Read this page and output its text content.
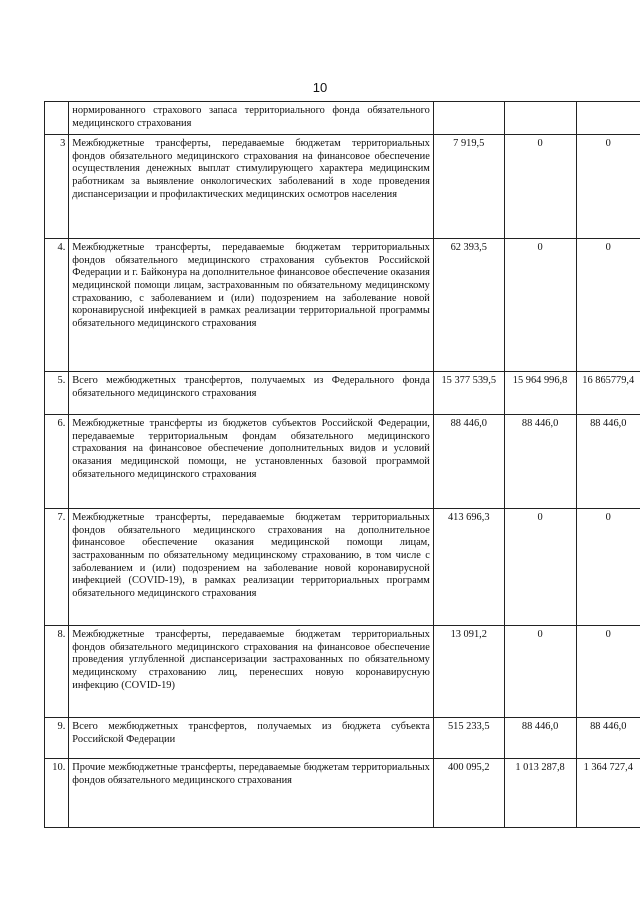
10
	нормированного страхового запаса территориального фонда обязательного медицинского страхования			
3	Межбюджетные трансферты, передаваемые бюджетам территориальных фондов обязательного медицинского страхования на финансовое обеспечение осуществления денежных выплат стимулирующего характера медицинским работникам за выявление онкологических заболеваний в ходе проведения диспансеризации и профилактических медицинских осмотров населения	7 919,5	0	0
4.	Межбюджетные трансферты, передаваемые бюджетам территориальных фондов обязательного медицинского страхования субъектов Российской Федерации и г. Байконура на дополнительное финансовое обеспечение оказания медицинской помощи лицам, застрахованным по обязательному медицинскому страхованию, с заболеванием и (или) подозрением на заболевание новой коронавирусной инфекцией в рамках реализации территориальной программы обязательного медицинского страхования	62 393,5	0	0
5.	Всего межбюджетных трансфертов, получаемых из Федерального фонда обязательного медицинского страхования	15 377 539,5	15 964 996,8	16 865779,4
6.	Межбюджетные трансферты из бюджетов субъектов Российской Федерации, передаваемые территориальным фондам обязательного медицинского страхования на финансовое обеспечение дополнительных видов и условий оказания медицинской помощи, не установленных базовой программой обязательного медицинского страхования	88 446,0	88 446,0	88 446,0
7.	Межбюджетные трансферты, передаваемые бюджетам территориальных фондов обязательного медицинского страхования на дополнительное финансовое обеспечение оказания медицинской помощи лицам, застрахованным по обязательному медицинскому страхованию, в том числе с заболеванием и (или) подозрением на заболевание новой коронавирусной инфекцией (COVID-19), в рамках реализации территориальных программ обязательного медицинского страхования	413 696,3	0	0
8.	Межбюджетные трансферты, передаваемые бюджетам территориальных фондов обязательного медицинского страхования на финансовое обеспечение проведения углубленной диспансеризации застрахованных по обязательному медицинскому страхованию лиц, перенесших новую коронавирусную инфекцию (COVID-19)	13 091,2	0	0
9.	Всего межбюджетных трансфертов, получаемых из бюджета субъекта Российской Федерации	515 233,5	88 446,0	88 446,0
10.	Прочие межбюджетные трансферты, передаваемые бюджетам территориальных фондов обязательного медицинского страхования	400 095,2	1 013 287,8	1 364 727,4
